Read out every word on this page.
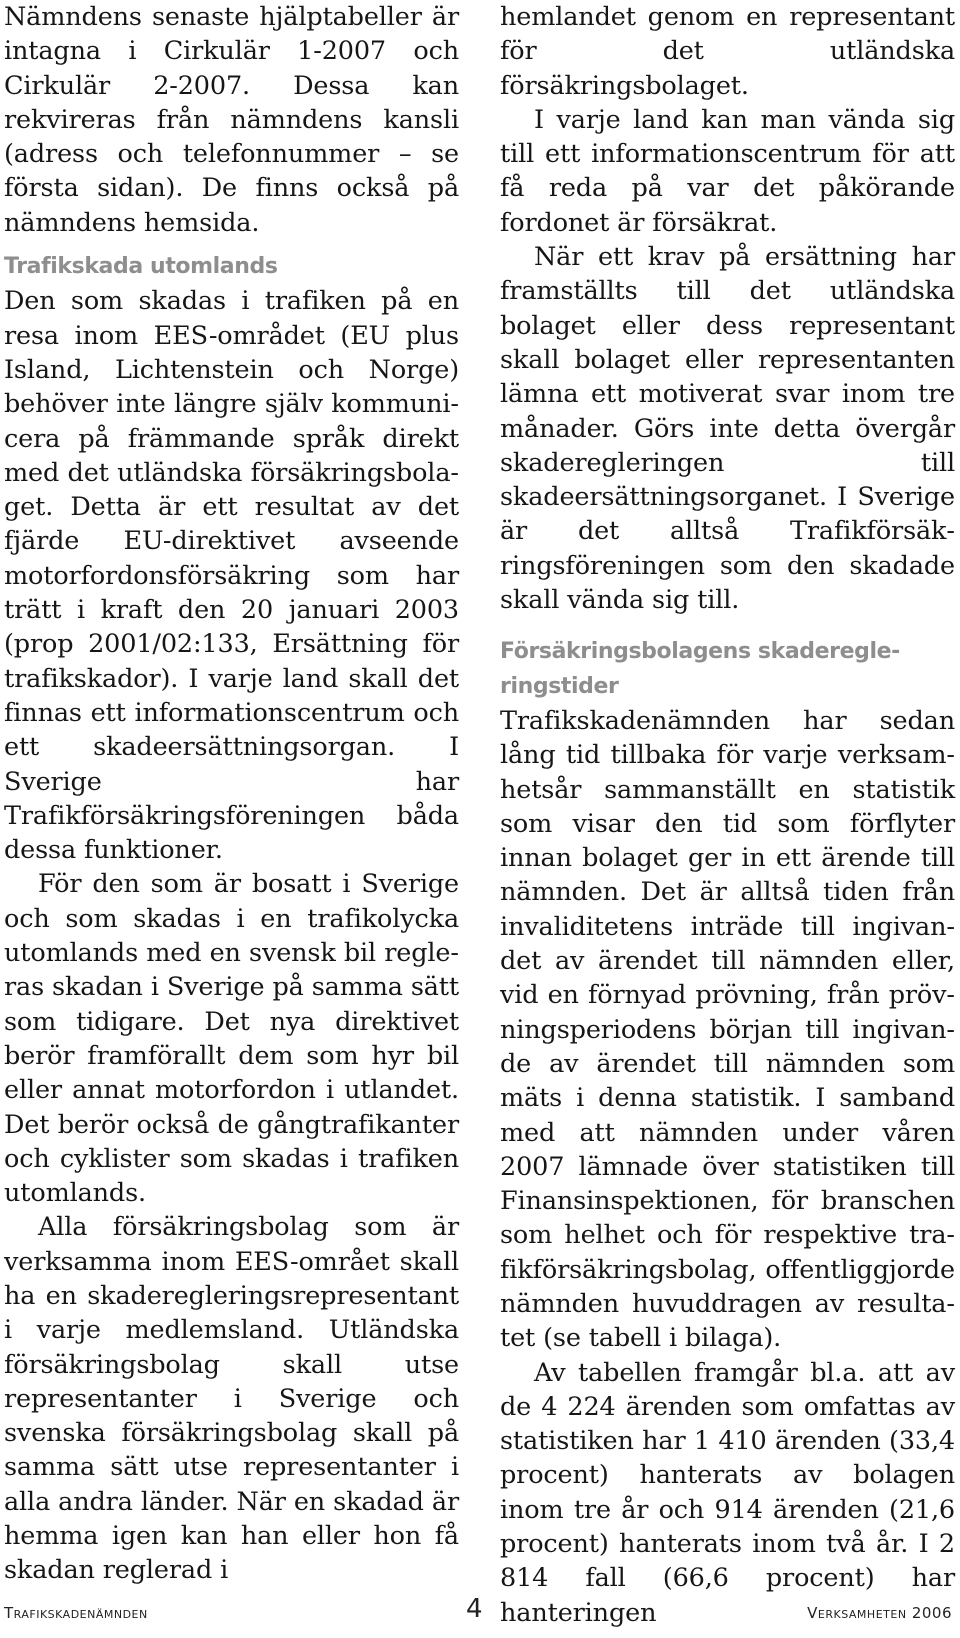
Nämndens senaste hjälptabeller är intagna i Cirkulär 1-2007 och Cirkulär 2-2007. Dessa kan rekvireras från nämndens kansli (adress och telefonnummer – se första sidan). De finns också på nämndens hemsida.

Trafikskada utomlands

Den som skadas i trafiken på en resa inom EES-området (EU plus Island, Lichtenstein och Norge) behöver inte längre själv kommunicera på främmande språk direkt med det utländska försäkringsbolaget. Detta är ett resultat av det fjärde EU-direktivet avseende motorfordonsförsäkring som har trätt i kraft den 20 januari 2003 (prop 2001/02:133, Ersättning för trafikskador). I varje land skall det finnas ett informationscentrum och ett skadeersättningsorgan. I Sverige har Trafikförsäkringsföreningen båda dessa funktioner.

För den som är bosatt i Sverige och som skadas i en trafikolycka utomlands med en svensk bil regleras skadan i Sverige på samma sätt som tidigare. Det nya direktivet berör framförallt dem som hyr bil eller annat motorfordon i utlandet. Det berör också de gångtrafikanter och cyklister som skadas i trafiken utomlands.

Alla försäkringsbolag som är verksamma inom EES-områet skall ha en skaderegleringsrepresentant i varje medlemsland. Utländska försäkringsbolag skall utse representanter i Sverige och svenska försäkringsbolag skall på samma sätt utse representanter i alla andra länder. När en skadad är hemma igen kan han eller hon få skadan reglerad i

hemlandet genom en representant för det utländska försäkringsbolaget.

I varje land kan man vända sig till ett informationscentrum för att få reda på var det påkörande fordonet är försäkrat.

När ett krav på ersättning har framställts till det utländska bolaget eller dess representant skall bolaget eller representanten lämna ett motiverat svar inom tre månader. Görs inte detta övergår skaderegleringen till skadeersättningsorganet. I Sverige är det alltså Trafikförsäkringsföreningen som den skadade skall vända sig till.

Försäkringsbolagens skaderegleringstider

Trafikskadenämnden har sedan lång tid tillbaka för varje verksamhetsår sammanställt en statistik som visar den tid som förflyter innan bolaget ger in ett ärende till nämnden. Det är alltså tiden från invaliditetens inträde till ingivandet av ärendet till nämnden eller, vid en förnyad prövning, från prövningsperiodens början till ingivande av ärendet till nämnden som mäts i denna statistik. I samband med att nämnden under våren 2007 lämnade över statistiken till Finansinspektionen, för branschen som helhet och för respektive trafikförsäkringsbolag, offentliggjorde nämnden huvuddragen av resultatet (se tabell i bilaga).

Av tabellen framgår bl.a. att av de 4 224 ärenden som omfattas av statistiken har 1 410 ärenden (33,4 procent) hanterats av bolagen inom tre år och 914 ärenden (21,6 procent) hanterats inom två år. I 2 814 fall (66,6 procent) har hanteringen

Trafikskadenämnden	4	Verksamheten 2006
